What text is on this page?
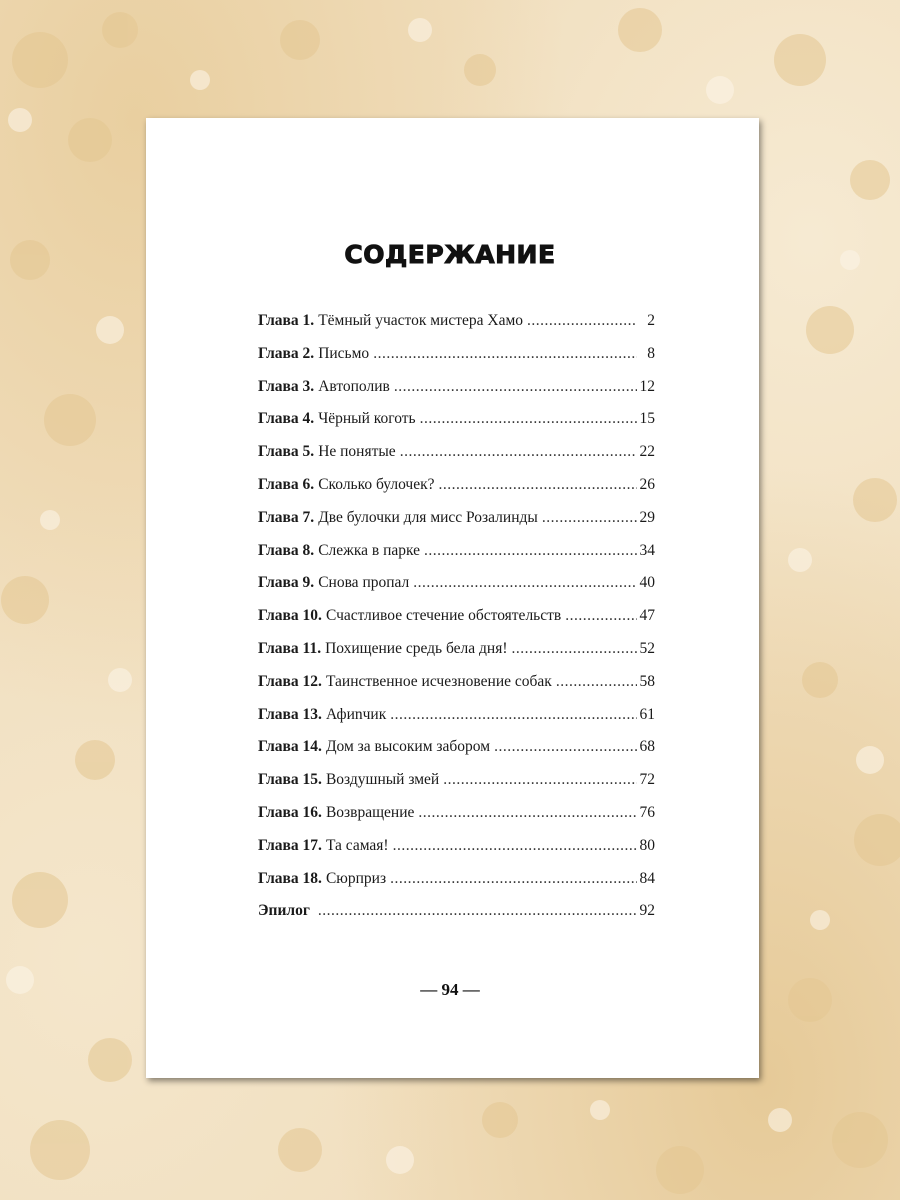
СОДЕРЖАНИЕ
Глава 1. Тёмный участок мистера Хамо .....	2
Глава 2. Письмо .....	8
Глава 3. Автополив .....	12
Глава 4. Чёрный коготь .....	15
Глава 5. Не понятые .....	22
Глава 6. Сколько булочек? .....	26
Глава 7. Две булочки для мисс Розалинды .....	29
Глава 8. Слежка в парке .....	34
Глава 9. Снова пропал .....	40
Глава 10. Счастливое стечение обстоятельств .....	47
Глава 11. Похищение средь бела дня! .....	52
Глава 12. Таинственное исчезновение собак .....	58
Глава 13. Афиnчик .....	61
Глава 14. Дом за высоким забором .....	68
Глава 15. Воздушный змей .....	72
Глава 16. Возвращение .....	76
Глава 17. Та самая! .....	80
Глава 18. Сюрприз .....	84
Эпилог .....	92
— 94 —
